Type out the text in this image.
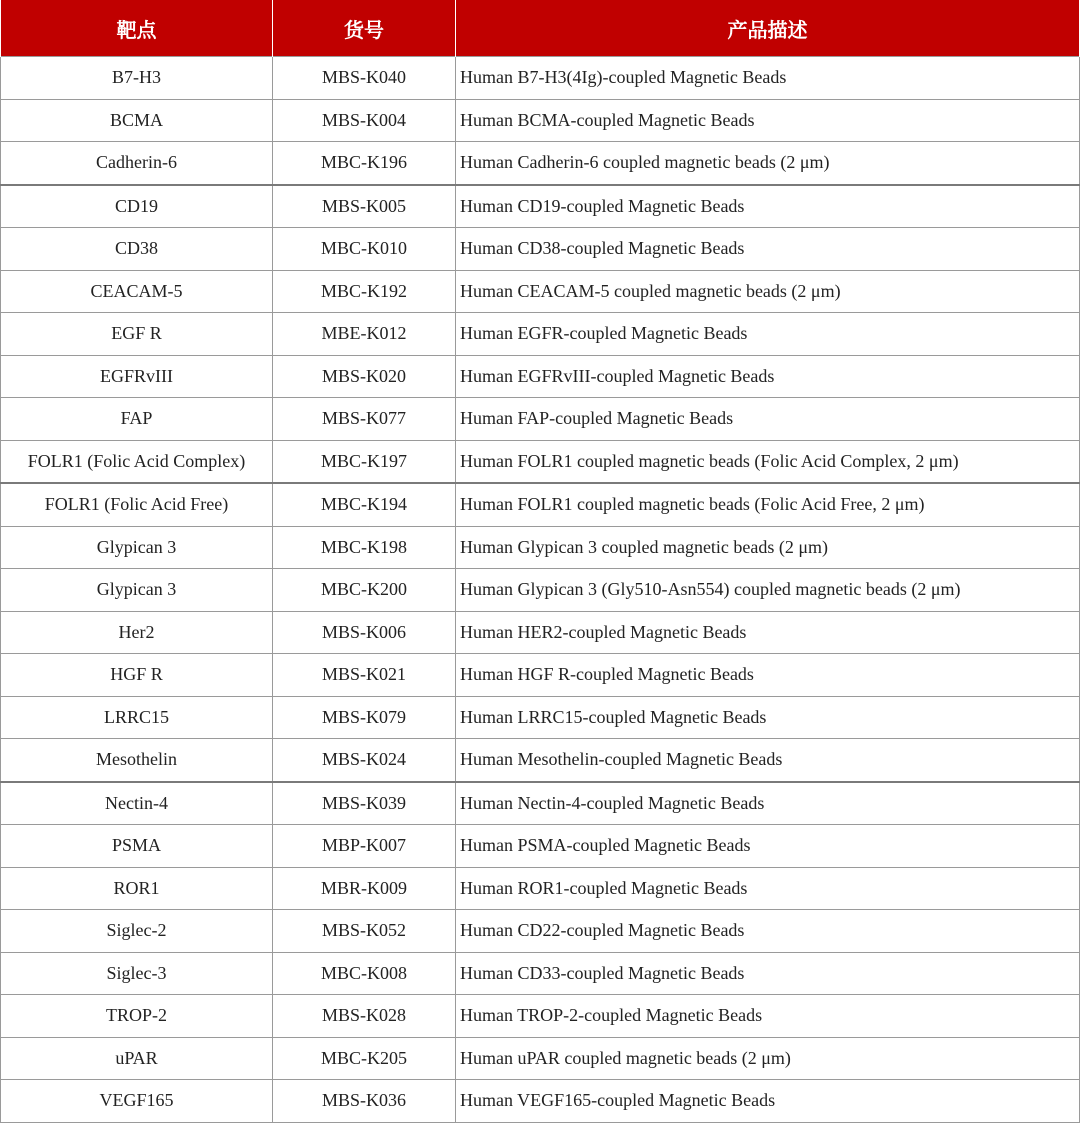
靶点	货号	产品描述
B7-H3	MBS-K040	Human B7-H3(4Ig)-coupled Magnetic Beads
BCMA	MBS-K004	Human BCMA-coupled Magnetic Beads
Cadherin-6	MBC-K196	Human Cadherin-6 coupled magnetic beads (2 μm)
CD19	MBS-K005	Human CD19-coupled Magnetic Beads
CD38	MBC-K010	Human CD38-coupled Magnetic Beads
CEACAM-5	MBC-K192	Human CEACAM-5 coupled magnetic beads (2 μm)
EGF R	MBE-K012	Human EGFR-coupled Magnetic Beads
EGFRvIII	MBS-K020	Human EGFRvIII-coupled Magnetic Beads
FAP	MBS-K077	Human FAP-coupled Magnetic Beads
FOLR1 (Folic Acid Complex)	MBC-K197	Human FOLR1 coupled magnetic beads (Folic Acid Complex, 2 μm)
FOLR1 (Folic Acid Free)	MBC-K194	Human FOLR1 coupled magnetic beads (Folic Acid Free, 2 μm)
Glypican 3	MBC-K198	Human Glypican 3 coupled magnetic beads (2 μm)
Glypican 3	MBC-K200	Human Glypican 3 (Gly510-Asn554) coupled magnetic beads (2 μm)
Her2	MBS-K006	Human HER2-coupled Magnetic Beads
HGF R	MBS-K021	Human HGF R-coupled Magnetic Beads
LRRC15	MBS-K079	Human LRRC15-coupled Magnetic Beads
Mesothelin	MBS-K024	Human Mesothelin-coupled Magnetic Beads
Nectin-4	MBS-K039	Human Nectin-4-coupled Magnetic Beads
PSMA	MBP-K007	Human PSMA-coupled Magnetic Beads
ROR1	MBR-K009	Human ROR1-coupled Magnetic Beads
Siglec-2	MBS-K052	Human CD22-coupled Magnetic Beads
Siglec-3	MBC-K008	Human CD33-coupled Magnetic Beads
TROP-2	MBS-K028	Human TROP-2-coupled Magnetic Beads
uPAR	MBC-K205	Human uPAR coupled magnetic beads (2 μm)
VEGF165	MBS-K036	Human VEGF165-coupled Magnetic Beads
